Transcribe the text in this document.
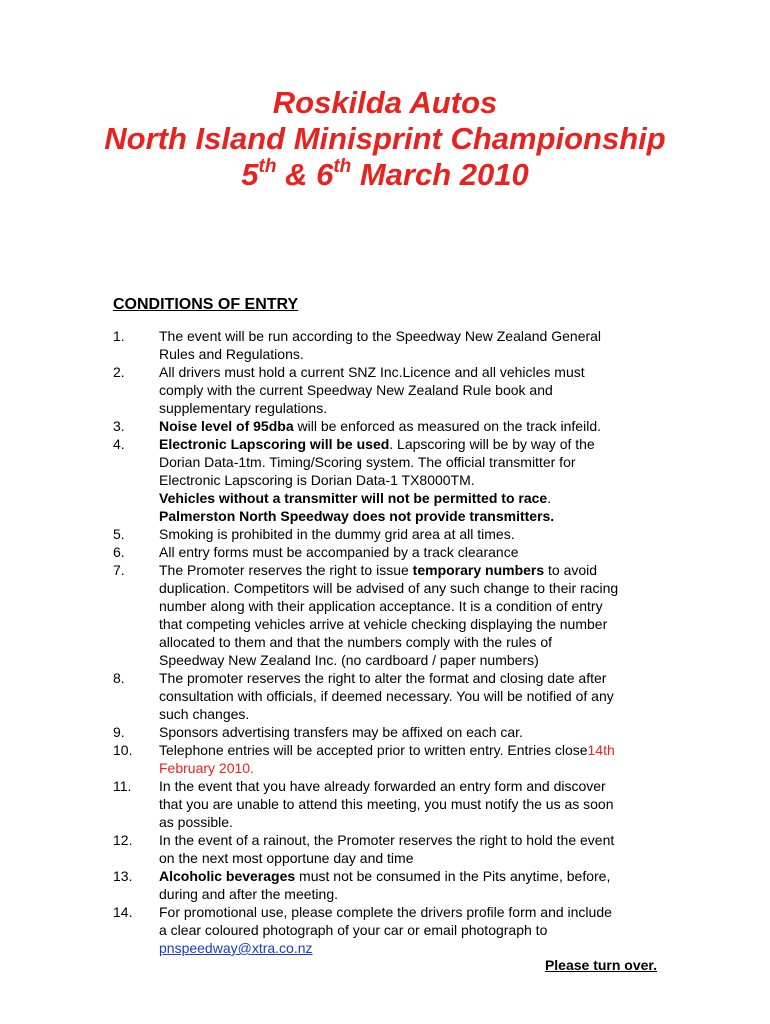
Roskilda Autos
North Island Minisprint Championship
5th & 6th March 2010
CONDITIONS OF ENTRY
1. The event will be run according to the Speedway New Zealand General
Rules and Regulations.
2. All drivers must hold a current SNZ Inc.Licence and all vehicles must
comply with the current Speedway New Zealand Rule book and
supplementary regulations.
3. Noise level of 95dba will be enforced as measured on the track infeild.
4. Electronic Lapscoring will be used. Lapscoring will be by way of the
Dorian Data-1tm. Timing/Scoring system. The official transmitter for
Electronic Lapscoring is Dorian Data-1 TX8000TM.
Vehicles without a transmitter will not be permitted to race.
Palmerston North Speedway does not provide transmitters.
5. Smoking is prohibited in the dummy grid area at all times.
6. All entry forms must be accompanied by a track clearance
7. The Promoter reserves the right to issue temporary numbers to avoid
duplication. Competitors will be advised of any such change to their racing
number along with their application acceptance. It is a condition of entry
that competing vehicles arrive at vehicle checking displaying the number
allocated to them and that the numbers comply with the rules of
Speedway New Zealand Inc. (no cardboard / paper numbers)
8. The promoter reserves the right to alter the format and closing date after
consultation with officials, if deemed necessary. You will be notified of any
such changes.
9. Sponsors advertising transfers may be affixed on each car.
10. Telephone entries will be accepted prior to written entry. Entries close14th
February 2010.
11. In the event that you have already forwarded an entry form and discover
that you are unable to attend this meeting, you must notify the us as soon
as possible.
12. In the event of a rainout, the Promoter reserves the right to hold the event
on the next most opportune day and time
13. Alcoholic beverages must not be consumed in the Pits anytime, before,
during and after the meeting.
14. For promotional use, please complete the drivers profile form and include
a clear coloured photograph of your car or email photograph to
pnspeedway@xtra.co.nz
Please turn over.
